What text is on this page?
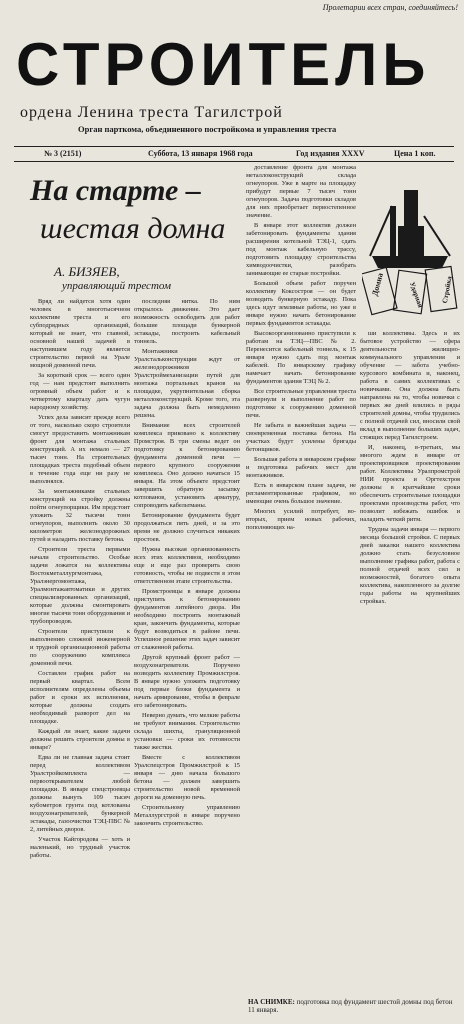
Пролетарии всех стран, соединяйтесь!
СТРОИТЕЛЬ
ордена Ленина треста Тагилстрой
Орган парткома, объединенного постройкома и управления треста
№ 3 (2151)	Суббота, 13 января 1968 года	Год издания XXXV	Цена 1 коп.
На старте –
шестая домна
А. БИЗЯЕВ,
управляющий трестом

Вряд ли найдется хотя один человек в многотысячном коллективе треста и его субподрядных организаций, который не знает, что главной, основной нашей задачей в наступившем году является строительство первой на Урале мощной доменной печи.

За короткий срок — всего один год — нам предстоит выполнить огромный объем работ и к четвертому кварталу дать чугун народному хозяйству.

Успех дела зависит прежде всего от того, насколько скоро строители смогут предоставить монтажникам фронт для монтажа стальных конструкций. А их немало — 27 тысяч тонн. На строительных площадках треста подобный объем в течение года еще ни разу не выполнялся.

За монтажниками стальных конструкций на стройку должны пойти огнеупорщики. Им предстоит уложить 32 тысячи тонн огнеупоров, выполнить около 30 километров железнодорожных путей и наладить поставку бетона.

Строители треста первыми начали строительство. Особые задачи ложатся на коллективы Востокметаллургмонтажа, Уралэнергомонтажа, Уралмонтажавтоматики и других специализированных организаций, которые должны смонтировать многие тысячи тонн оборудования и трубопроводов.

Строители приступили к выполнению сложной инженерной и трудной организационной работы по сооружению комплекса доменной печи.

Составлен график работ на первый квартал. Всем исполнителям определены объемы работ и сроки их исполнения, которые должны создать необходимый разворот дел на площадке.

Каждый ли знает, какие задачи должны решить строители домны в январе?

Едва ли не главная задача стоит перед коллективом Уралстройкомплекта — первооткрывателем любой площадки. В январе спецстроевцы должны вынуть 109 тысяч кубометров грунта под котлованы воздухонагревателей, бункерной эстакады, газоочистки ТЭЦ-ПВС № 2, литейных дворов.

Участок Кайгородова — хоть и маленький, но трудный участок работы.

последняя нитка. По ним открылось движение. Это дает возможность освободить для работ большие площади бункерной эстакады, построить кабельный тоннель.

Монтажники Уралстальконструкции ждут от железнодорожников Уралстроймеханизации путей для монтажа портальных кранов на площадке, укрупнительная сборка металлоконструкций. Кроме того, эта задача должна быть немедленно решена.

Внимание всех строителей комплекса приковано к коллективу Промстроя. В три смены ведет он подготовку к бетонированию фундамента доменной печи — первого крупного сооружения комплекса. Оно должно начаться 15 января. На этом объекте предстоит завершить обратную засыпку котлованов, установить арматуру, сопроводить кабельтманы.

Бетонирование фундамента будет продолжаться пять дней, и за это время не должно случиться никаких простоев.

Нужна высокая организованность всех этих коллективов, необходимо еще и еще раз проверить свою готовность, чтобы не подвести в этом ответственном этапе строительства.

Промстроевцы в январе должны приступить к бетонированию фундаментов литейного двора. Им необходимо построить монтажный кран, закончить фундаменты, которые будут возводиться в районе печи. Успешное решение этих задач зависит от слаженной работы.

Другой крупный фронт работ — воздухонагреватели. Поручено возводить коллективу Промжилстроя. В январе нужно уложить подготовку под первые блоки фундамента и начать армирование, чтобы в феврале его забетонировать.

Неверно думать, что мелкие работы не требуют внимания. Строительство склада шихты, грануляционной установки — сроки их готовности также жестки.

Вместе с коллективом Уралспецстроя Промжилстрой к 15 января — дню начала большого бетона — должен завершить строительство новой временной дороги на доменную печь.

Строительному управлению Металлургстрой в январе поручено закончить строительство.

доставление фронта для монтажа металлоконструкций склада огнеупоров. Уже в марте на площадку прибудут первые 7 тысяч тонн огнеупоров. Задача подготовки складов для них приобретает первостепенное значение.

В январе этот коллектив должен забетонировать фундаменты здания расширения котельной ТЭЦ-1, сдать под монтаж кабельную трассу, подготовить площадку строительства химводоочистки, разобрать занимающие ее старые постройки.

Большой объем работ поручен коллективу Коксостроя — он будет возводить бункерную эстакаду. Пока здесь идут земляные работы, но уже в январе нужно начать бетонирование первых фундаментов эстакады.

Высокоорганизованно приступили к работам на ТЭЦ—ПВС № 2. Перенесится кабельный тоннель, к 15 января нужно сдать под монтаж кабелей. По январскому графику намечает начать бетонирование фундаментов здания ТЭЦ № 2.

Все строительные управления треста развернули и выполнение работ по подготовке к сооружению доменной печи.

Не забыта и важнейшая задача — своевременная поставка бетона. На участках будут усилены бригады бетонщиков.

Большая работа в январском графике и подготовка рабочих мест для монтажников.

Есть в январском плане задачи, не регламентированные графиком, но имеющие очень большое значение.

Многих усилий потребует, во-вторых, прием новых рабочих, пополняющих на-

ши коллективы. Здесь и их бытовое устройство — сфера деятельности жилищно-коммунального управления и обучение — забота учебно-курсового комбината и, наконец, работа в самих коллективах с новичками. Она должна быть направлена на то, чтобы новички с первых же дней влились в ряды строителей домны, чтобы трудились с полной отдачей сил, вносили свой вклад в выполнение больших задач, стоящих перед Тагилстроем.

И, наконец, в-третьих, мы многого ждем в январе от проектировщиков проектирования работ. Коллективы Уралпромстрой НИИ проекта и Оргтехстроя должны в кратчайшие сроки обеспечить строительные площадки проектами производства работ, что позволит избежать ошибок и наладить четкий ритм.

Трудны задачи января — первого месяца большой стройки. С первых дней закалки нашего коллектива должно стать безусловное выполнение графика работ, работа с полной отдачей всех сил и возможностей, богатого опыта коллектива, накопленного за долгие годы работы на крупнейших стройках.

Домна	Ударная Стройка
НА СНИМКЕ: подготовка под фундамент шестой домны под бетон 11 января.
